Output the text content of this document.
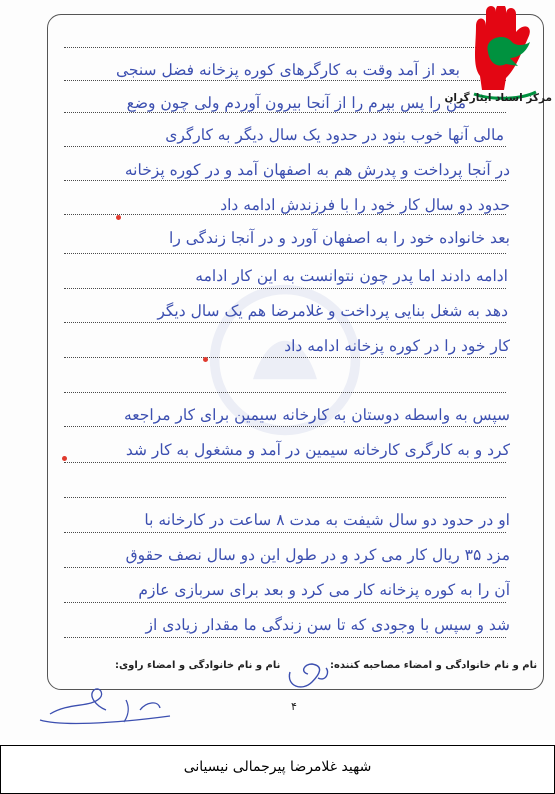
بعد از آمد وقت به کارگرهای کوره پزخانه فضل سنجی
من را پس بپرم را از آنجا بیرون آوردم ولی چون وضع
مالی آنها خوب بنود در حدود یک سال دیگر به کارگری
در آنجا پرداخت و پدرش هم به اصفهان آمد و در کوره پزخانه
حدود دو سال کار خود را با فرزندش ادامه داد
بعد خانواده خود را به اصفهان آورد و در آنجا زندگی را
ادامه دادند اما پدر چون نتوانست به این کار ادامه
دهد به شغل بنایی پرداخت و غلامرضا هم یک سال دیگر
کار خود را در کوره پزخانه ادامه داد
سپس به واسطه دوستان به کارخانه سیمین برای کار مراجعه
کرد و به کارگری کارخانه سیمین در آمد و مشغول به کار شد
او در حدود دو سال شیفت به مدت ۸ ساعت در کارخانه با
مزد ۳۵ ریال کار می کرد و در طول این دو سال نصف حقوق
آن را به کوره پزخانه کار می کرد و بعد برای سربازی عازم
شد و سپس با وجودی که تا سن زندگی ما مقدار زیادی از
مرکز اسناد ایثارگران
نام و نام خانوادگی و امضاء مصاحبه کننده:
نام و نام خانوادگی و امضاء راوی:
۴
شهید غلامرضا پیرجمالی نیسیانی
